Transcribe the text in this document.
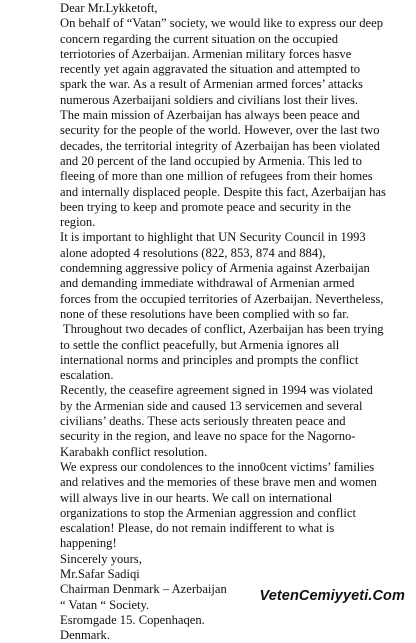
Dear Mr.Lykketoft,
On behalf of “Vatan” society, we would like to express our deep
concern regarding the current situation on the occupied
terriotories of Azerbaijan. Armenian military forces hasve
recently yet again aggravated the situation and attempted to
spark the war. As a result of Armenian armed forces’ attacks
numerous Azerbaijani soldiers and civilians lost their lives.
The main mission of Azerbaijan has always been peace and
security for the people of the world. However, over the last two
decades, the territorial integrity of Azerbaijan has been violated
and 20 percent of the land occupied by Armenia. This led to
fleeing of more than one million of refugees from their homes
and internally displaced people. Despite this fact, Azerbaijan has
been trying to keep and promote peace and security in the
region.
It is important to highlight that UN Security Council in 1993
alone adopted 4 resolutions (822, 853, 874 and 884),
condemning aggressive policy of Armenia against Azerbaijan
and demanding immediate withdrawal of Armenian armed
forces from the occupied territories of Azerbaijan. Nevertheless,
none of these resolutions have been complied with so far.
Throughout two decades of conflict, Azerbaijan has been trying
to settle the conflict peacefully, but Armenia ignores all
international norms and principles and prompts the conflict
escalation.
Recently, the ceasefire agreement signed in 1994 was violated
by the Armenian side and caused 13 servicemen and several
civilians’ deaths. These acts seriously threaten peace and
security in the region, and leave no space for the Nagorno-
Karabakh conflict resolution.
We express our condolences to the inno0cent victims’ families
and relatives and the memories of these brave men and women
will always live in our hearts. We call on international
organizations to stop the Armenian aggression and conflict
escalation! Please, do not remain indifferent to what is
happening!
Sincerely yours,
Mr.Safar Sadiqi
Chairman Denmark – Azerbaijan
“ Vatan “ Society.
Esromgade 15. Copenhaqen.
Denmark.
VetenCemiyyeti.Com
